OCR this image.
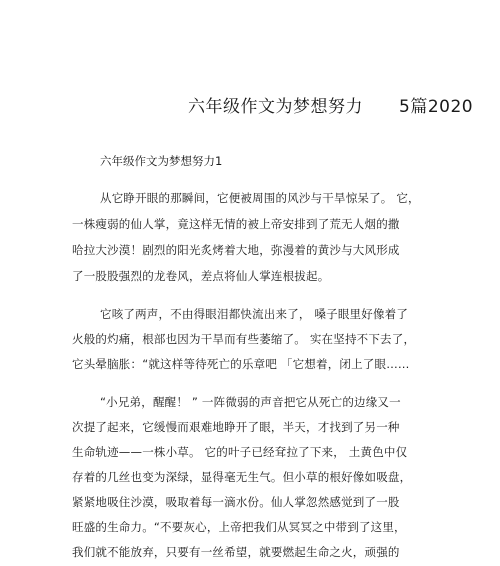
六年级作文为梦想努力 5篇2020
六年级作文为梦想努力1
从它睁开眼的那瞬间，它便被周围的风沙与干旱惊呆了。 它，
一株瘦弱的仙人掌，竟这样无情的被上帝安排到了荒无人烟的撒
哈拉大沙漠！剧烈的阳光炙烤着大地，弥漫着的黄沙与大风形成
了一股股强烈的龙卷风，差点将仙人掌连根拔起。
它咳了两声，不由得眼泪都快流出来了， 嗓子眼里好像着了
火般的灼痛，根部也因为干旱而有些萎缩了。 实在坚持不下去了，
它头晕脑胀：“就这样等待死亡的乐章吧 「它想着，闭上了眼……
“小兄弟，醒醒！ ” 一阵微弱的声音把它从死亡的边缘又一
次提了起来，它缓慢而艰难地睁开了眼，半天，才找到了另一种
生命轨迹——一株小草。 它的叶子已经耷拉了下来， 土黄色中仅
存着的几丝也变为深绿，显得毫无生气。但小草的根好像如吸盘，
紧紧地吸住沙漠，吸取着每一滴水份。仙人掌忽然感觉到了一股
旺盛的生命力。“不要灰心，上帝把我们从冥冥之中带到了这里，
我们就不能放弃，只要有一丝希望，就要燃起生命之火，顽强的
